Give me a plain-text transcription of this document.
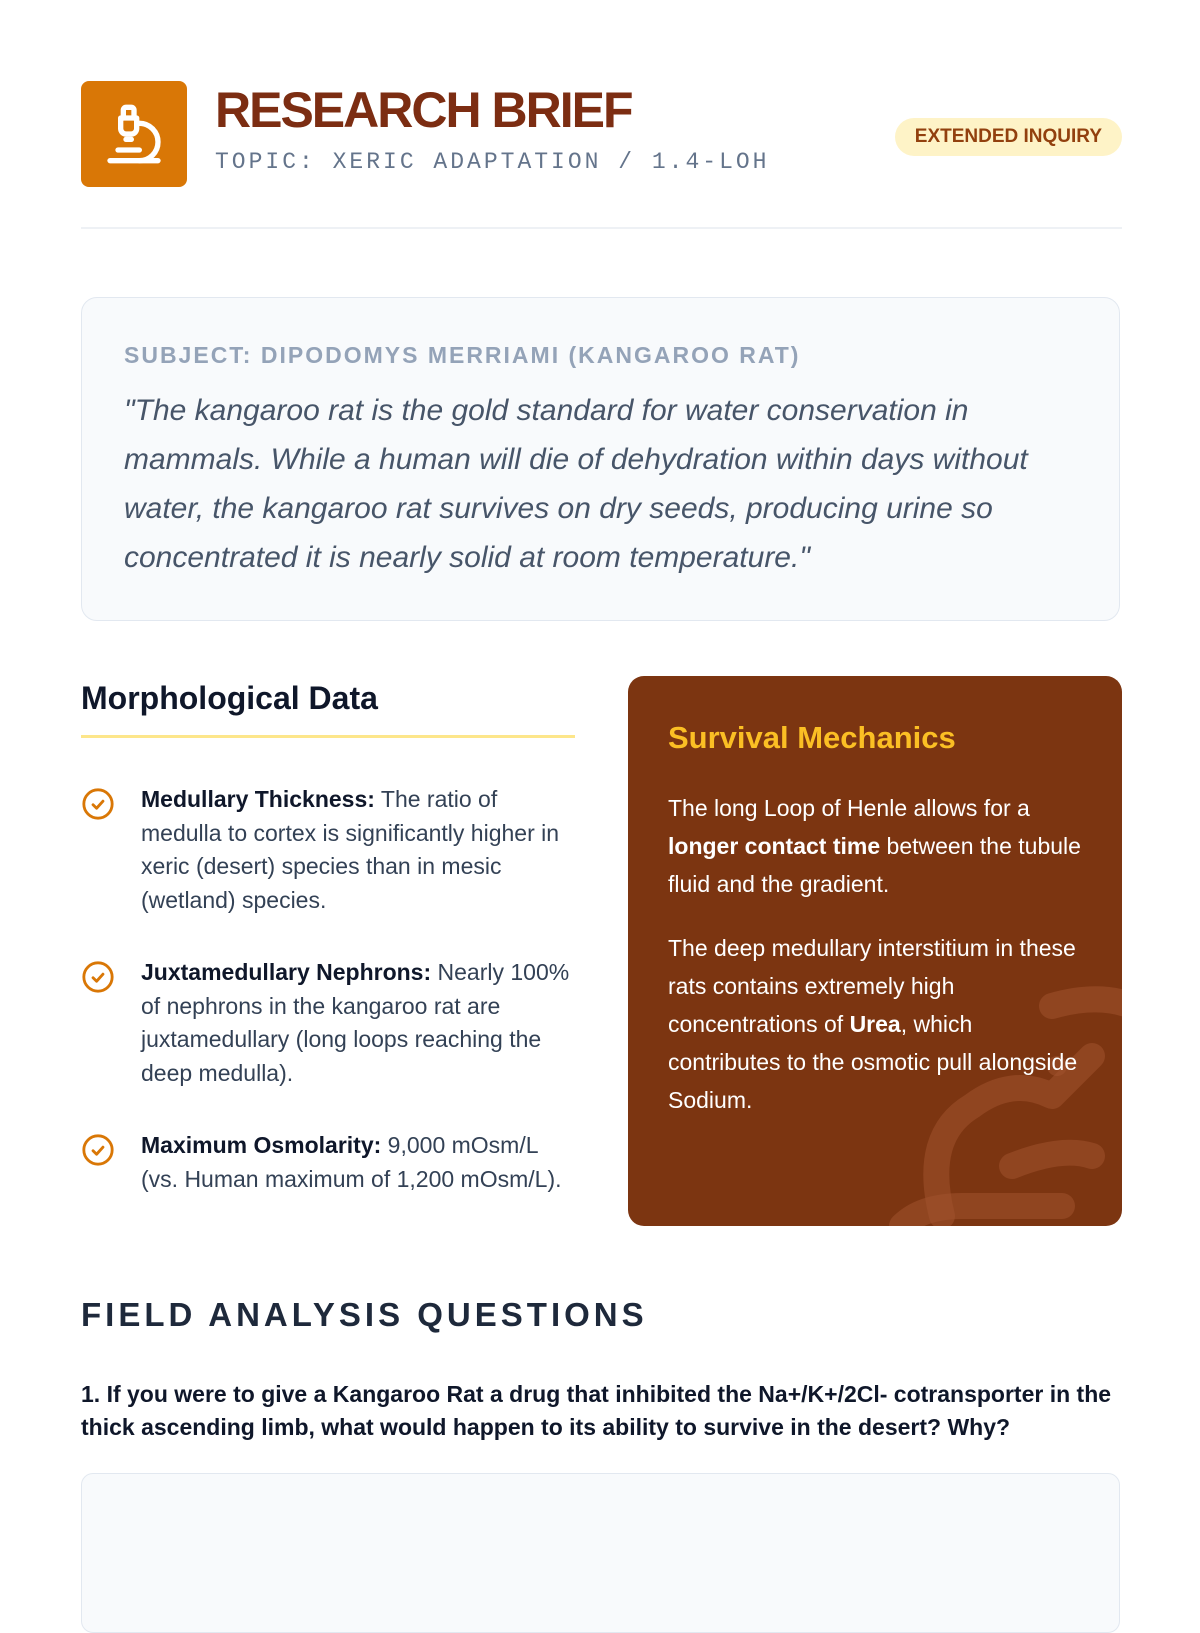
RESEARCH BRIEF
TOPIC: XERIC ADAPTATION / 1.4-LOH
EXTENDED INQUIRY
SUBJECT: DIPODOMYS MERRIAMI (KANGAROO RAT)
"The kangaroo rat is the gold standard for water conservation in mammals. While a human will die of dehydration within days without water, the kangaroo rat survives on dry seeds, producing urine so concentrated it is nearly solid at room temperature."
Morphological Data
Medullary Thickness: The ratio of medulla to cortex is significantly higher in xeric (desert) species than in mesic (wetland) species.
Juxtamedullary Nephrons: Nearly 100% of nephrons in the kangaroo rat are juxtamedullary (long loops reaching the deep medulla).
Maximum Osmolarity: 9,000 mOsm/L (vs. Human maximum of 1,200 mOsm/L).
Survival Mechanics
The long Loop of Henle allows for a longer contact time between the tubule fluid and the gradient.
The deep medullary interstitium in these rats contains extremely high concentrations of Urea, which contributes to the osmotic pull alongside Sodium.
FIELD ANALYSIS QUESTIONS
1. If you were to give a Kangaroo Rat a drug that inhibited the Na+/K+/2Cl- cotransporter in the thick ascending limb, what would happen to its ability to survive in the desert? Why?
